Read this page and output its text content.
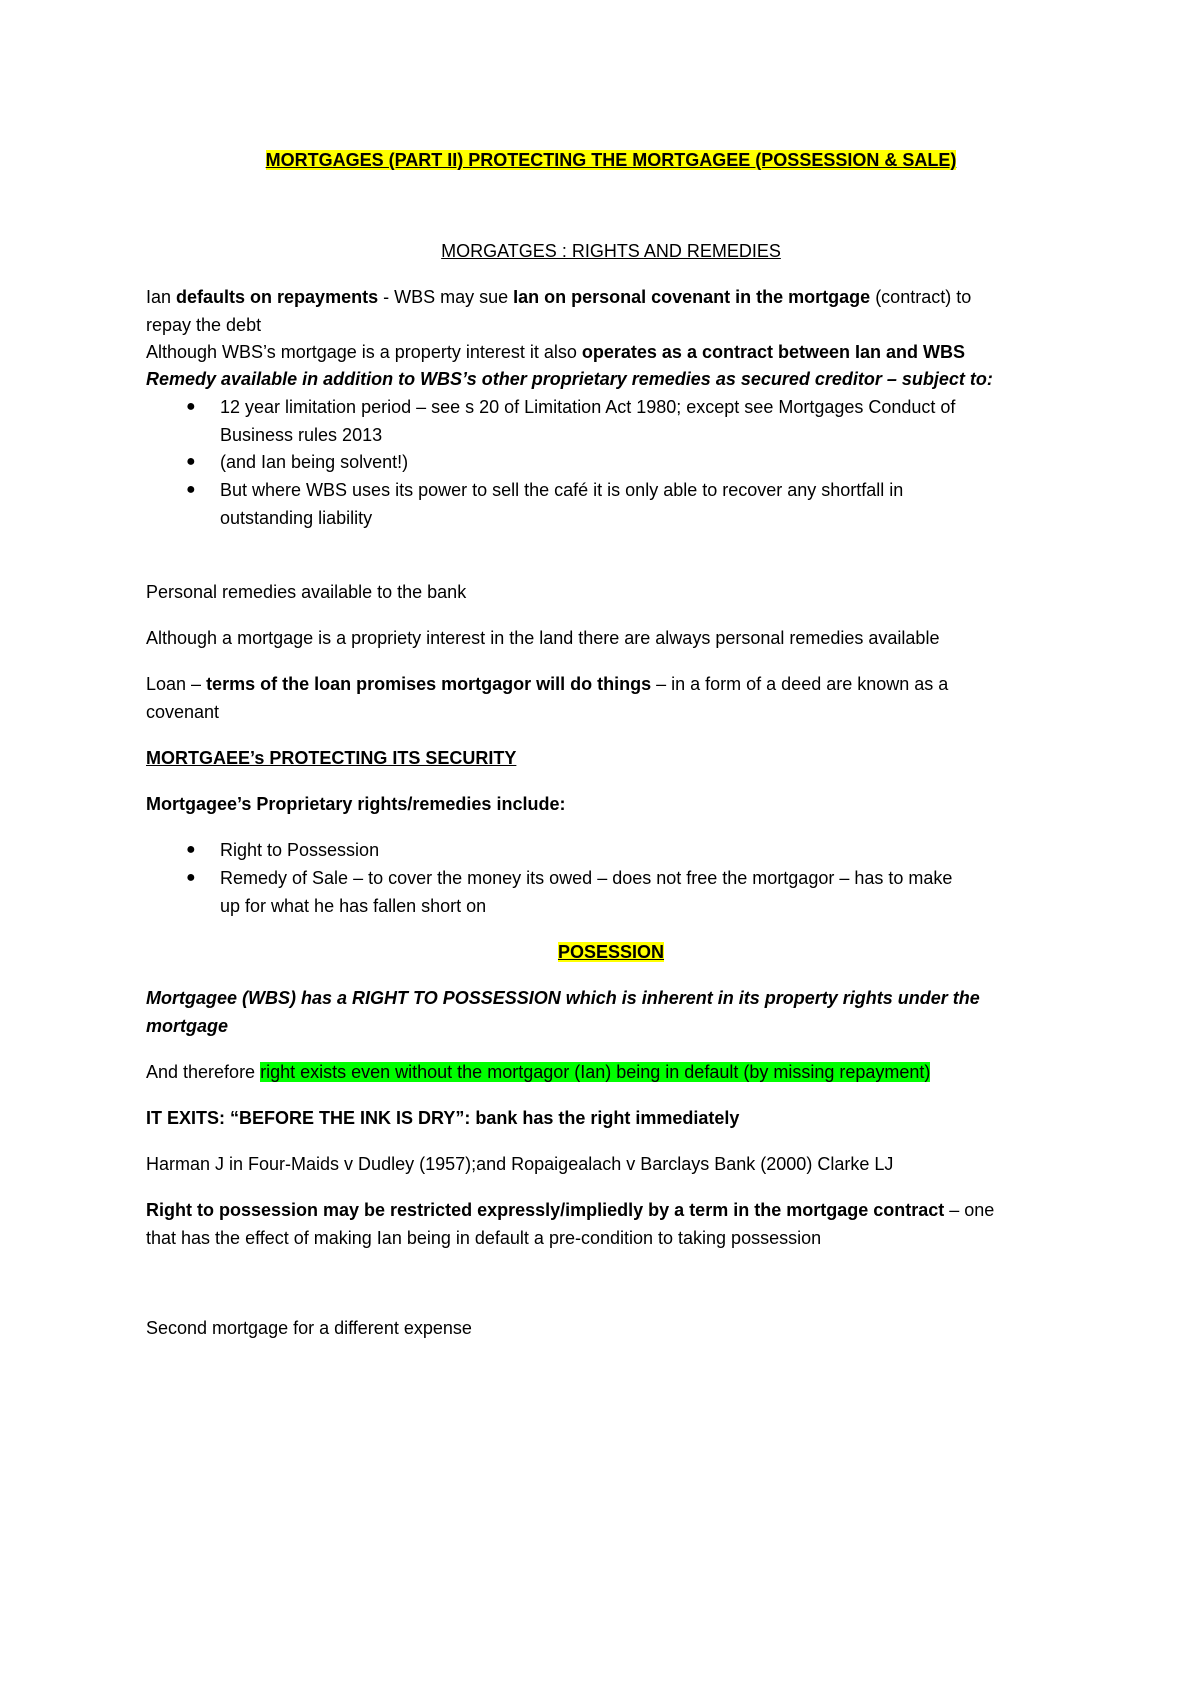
MORTGAGES (PART II) PROTECTING THE MORTGAGEE (POSSESSION & SALE)
MORGATGES : RIGHTS AND REMEDIES
Ian defaults on repayments - WBS may sue Ian on personal covenant in the mortgage (contract) to
repay the debt
Although WBS’s mortgage is a property interest it also operates as a contract between Ian and WBS
Remedy available in addition to WBS’s other proprietary remedies as secured creditor – subject to:
● 12 year limitation period – see s 20 of Limitation Act 1980; except see Mortgages Conduct of
Business rules 2013
● (and Ian being solvent!)
● But where WBS uses its power to sell the café it is only able to recover any shortfall in
outstanding liability
Personal remedies available to the bank
Although a mortgage is a propriety interest in the land there are always personal remedies available
Loan – terms of the loan promises mortgagor will do things – in a form of a deed are known as a
covenant
MORTGAEE’s PROTECTING ITS SECURITY
Mortgagee’s Proprietary rights/remedies include:
● Right to Possession
● Remedy of Sale – to cover the money its owed – does not free the mortgagor – has to make
up for what he has fallen short on
POSESSION
Mortgagee (WBS) has a RIGHT TO POSSESSION which is inherent in its property rights under the
mortgage
And therefore right exists even without the mortgagor (Ian) being in default (by missing repayment)
IT EXITS: “BEFORE THE INK IS DRY”: bank has the right immediately
Harman J in Four-Maids v Dudley (1957);and Ropaigealach v Barclays Bank (2000) Clarke LJ
Right to possession may be restricted expressly/impliedly by a term in the mortgage contract – one
that has the effect of making Ian being in default a pre-condition to taking possession
Second mortgage for a different expense
